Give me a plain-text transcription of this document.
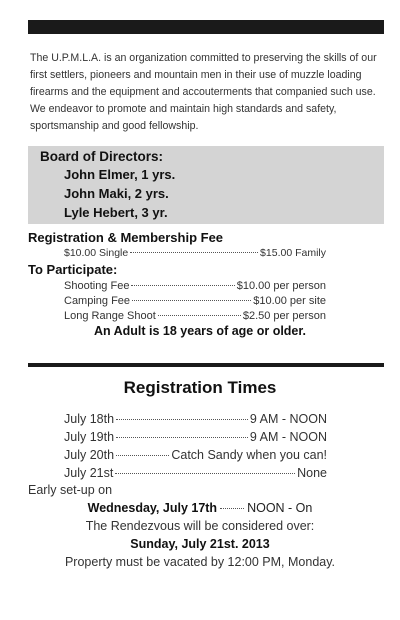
The U.P.M.L.A. is an organization committed to preserving the skills of our first settlers, pioneers and mountain men in their use of muzzle loading firearms and the equipment and accouterments that companied such use. We endeavor to promote and maintain high standards and safety, sportsmanship and good fellowship.
Board of Directors:
John Elmer, 1 yrs.
John Maki, 2 yrs.
Lyle Hebert, 3 yr.
Registration & Membership Fee
$10.00 Single	$15.00 Family
To Participate:
Shooting Fee	$10.00 per person
Camping Fee	$10.00 per site
Long Range Shoot	$2.50 per person
An Adult is 18 years of age or older.
Registration Times
July 18th	9 AM - NOON
July 19th	9 AM - NOON
July 20th	Catch Sandy when you can!
July 21st	None
Early set-up on
Wednesday, July 17th NOON - On
The Rendezvous will be considered over:
Sunday, July 21st. 2013
Property must be vacated by 12:00 PM, Monday.
